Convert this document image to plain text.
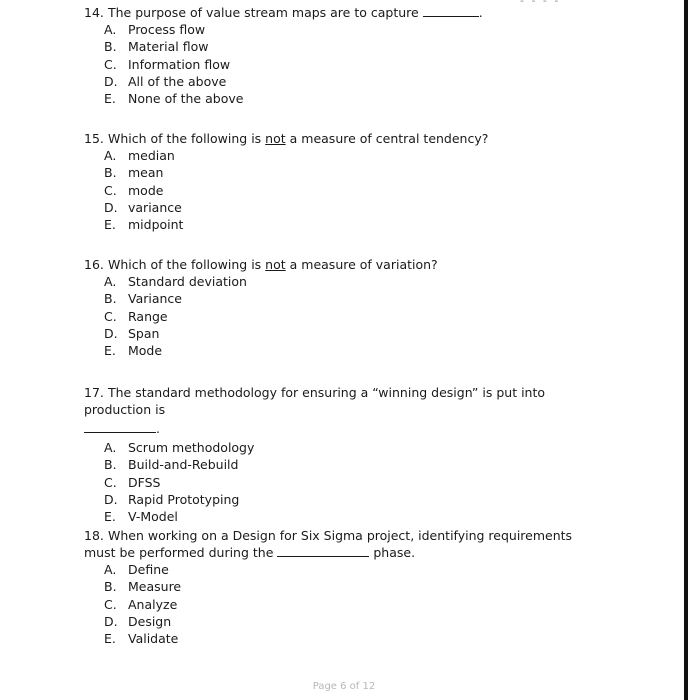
- - - -

14. The purpose of value stream maps are to capture	.

A. Process flow
B. Material flow
C. Information flow
D. All of the above
E. None of the above

15. Which of the following is not a measure of central tendency?

A. median
B. mean
C. mode
D. variance
E. midpoint

16. Which of the following is not a measure of variation?

A. Standard deviation
B. Variance
C. Range
D. Span
E. Mode

17. The standard methodology for ensuring a “winning design” is put into production is

.

A. Scrum methodology
B. Build-and-Rebuild
C. DFSS
D. Rapid Prototyping
E. V-Model

18. When working on a Design for Six Sigma project, identifying requirements must be performed during the	phase.

A. Define
B. Measure
C. Analyze
D. Design
E. Validate
Page 6 of 12
